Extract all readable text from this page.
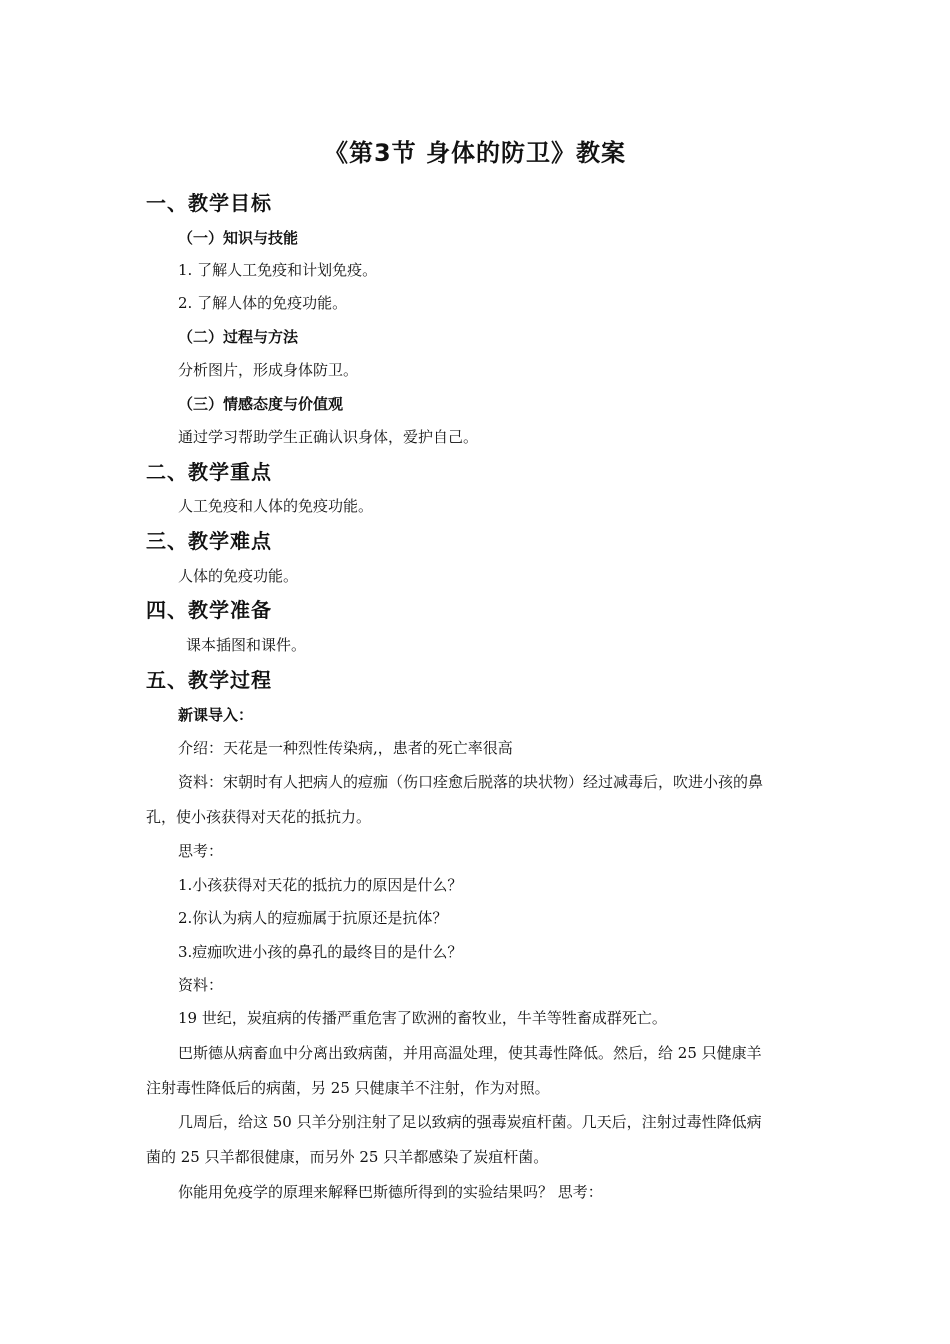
《第3节 身体的防卫》教案
一、教学目标
（一）知识与技能
1. 了解人工免疫和计划免疫。
2. 了解人体的免疫功能。
（二）过程与方法
分析图片，形成身体防卫。
（三）情感态度与价值观
通过学习帮助学生正确认识身体，爱护自己。
二、教学重点
人工免疫和人体的免疫功能。
三、教学难点
人体的免疫功能。
四、教学准备
课本插图和课件。
五、教学过程
新课导入：
介绍：天花是一种烈性传染病,，患者的死亡率很高
资料：宋朝时有人把病人的痘痂（伤口痊愈后脱落的块状物）经过减毒后，吹进小孩的鼻
孔，使小孩获得对天花的抵抗力。
思考：
1.小孩获得对天花的抵抗力的原因是什么？
2.你认为病人的痘痂属于抗原还是抗体？
3.痘痂吹进小孩的鼻孔的最终目的是什么？
资料：
19 世纪，炭疽病的传播严重危害了欧洲的畜牧业，牛羊等牲畜成群死亡。
巴斯德从病畜血中分离出致病菌，并用高温处理，使其毒性降低。然后，给 25 只健康羊
注射毒性降低后的病菌，另 25 只健康羊不注射，作为对照。
几周后，给这 50 只羊分别注射了足以致病的强毒炭疽杆菌。几天后，注射过毒性降低病
菌的 25 只羊都很健康，而另外 25 只羊都感染了炭疽杆菌。
你能用免疫学的原理来解释巴斯德所得到的实验结果吗？ 思考：
